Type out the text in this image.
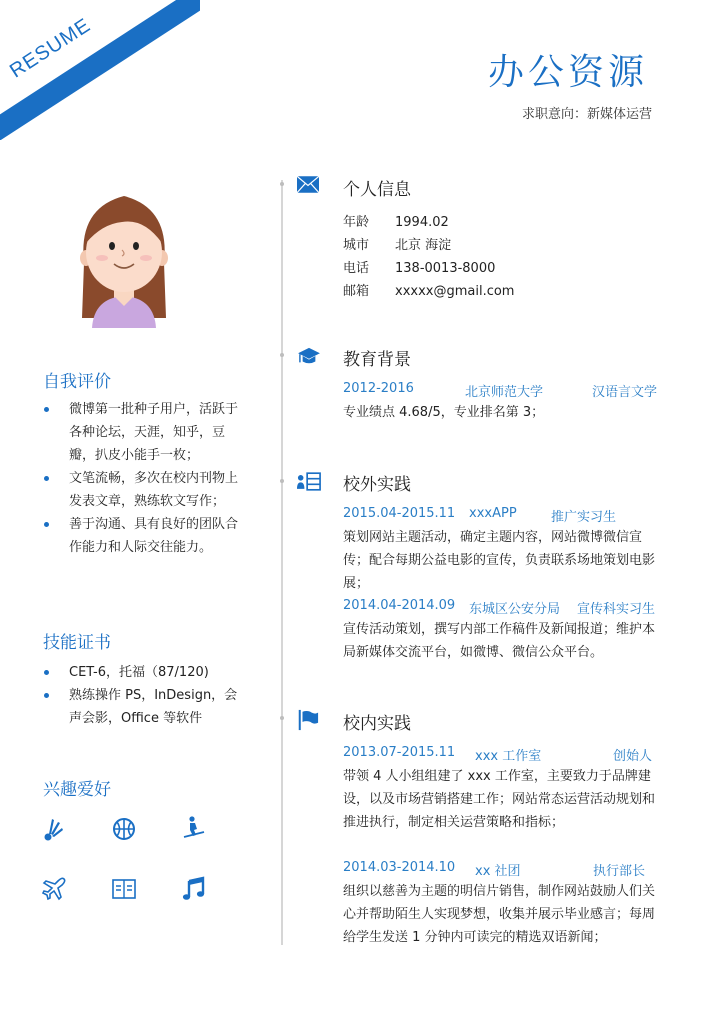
RESUME	办公资源
求职意向：新媒体运营
自我评价
微博第一批种子用户，活跃于各种论坛，天涯，知乎，豆瓣，扒皮小能手一枚；
文笔流畅，多次在校内刊物上发表文章，熟练软文写作；
善于沟通、具有良好的团队合作能力和人际交往能力。
技能证书
CET-6，托福（87/120)
熟练操作 PS，InDesign，会声会影，Office 等软件
兴趣爱好
个人信息
年龄 1994.02
城市 北京 海淀
电话 138-0013-8000
邮箱 xxxxx@gmail.com
教育背景
2012-2016	北京师范大学	汉语言文学
专业绩点 4.68/5，专业排名第 3；
校外实践
2015.04-2015.11 xxxAPP	推广实习生
策划网站主题活动，确定主题内容，网站微博微信宣传；配合每期公益电影的宣传，负责联系场地策划电影展；
2014.04-2014.09 东城区公安分局 宣传科实习生
宣传活动策划，撰写内部工作稿件及新闻报道；维护本局新媒体交流平台，如微博、微信公众平台。
校内实践
2013.07-2015.11 xxx 工作室	创始人
带领 4 人小组组建了 xxx 工作室，主要致力于品牌建设，以及市场营销搭建工作；网站常态运营活动规划和推进执行，制定相关运营策略和指标；
2014.03-2014.10 xx 社团	执行部长
组织以慈善为主题的明信片销售，制作网站鼓励人们关心并帮助陌生人实现梦想，收集并展示毕业感言；每周给学生发送 1 分钟内可读完的精选双语新闻；
